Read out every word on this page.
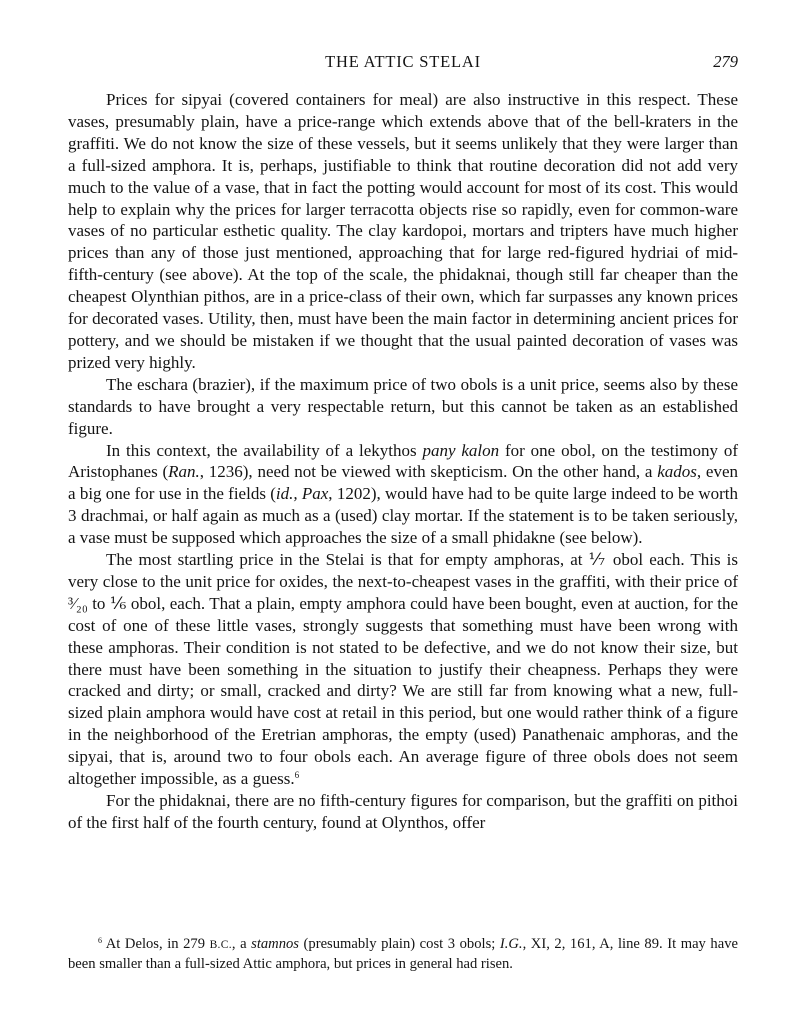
THE ATTIC STELAI	279

Prices for sipyai (covered containers for meal) are also instructive in this respect. These vases, presumably plain, have a price-range which extends above that of the bell-kraters in the graffiti. We do not know the size of these vessels, but it seems unlikely that they were larger than a full-sized amphora. It is, perhaps, justifiable to think that routine decoration did not add very much to the value of a vase, that in fact the potting would account for most of its cost. This would help to explain why the prices for larger terracotta objects rise so rapidly, even for common-ware vases of no particular esthetic quality. The clay kardopoi, mortars and tripters have much higher prices than any of those just mentioned, approaching that for large red-figured hydriai of mid-fifth-century (see above). At the top of the scale, the phidaknai, though still far cheaper than the cheapest Olynthian pithos, are in a price-class of their own, which far surpasses any known prices for decorated vases. Utility, then, must have been the main factor in determining ancient prices for pottery, and we should be mistaken if we thought that the usual painted decoration of vases was prized very highly.

The eschara (brazier), if the maximum price of two obols is a unit price, seems also by these standards to have brought a very respectable return, but this cannot be taken as an established figure.

In this context, the availability of a lekythos pany kalon for one obol, on the testimony of Aristophanes (Ran., 1236), need not be viewed with skepticism. On the other hand, a kados, even a big one for use in the fields (id., Pax, 1202), would have had to be quite large indeed to be worth 3 drachmai, or half again as much as a (used) clay mortar. If the statement is to be taken seriously, a vase must be supposed which approaches the size of a small phidakne (see below).

The most startling price in the Stelai is that for empty amphoras, at ⅐ obol each. This is very close to the unit price for oxides, the next-to-cheapest vases in the graffiti, with their price of ³⁄₂₀ to ⅙ obol, each. That a plain, empty amphora could have been bought, even at auction, for the cost of one of these little vases, strongly suggests that something must have been wrong with these amphoras. Their condition is not stated to be defective, and we do not know their size, but there must have been something in the situation to justify their cheapness. Perhaps they were cracked and dirty; or small, cracked and dirty? We are still far from knowing what a new, full-sized plain amphora would have cost at retail in this period, but one would rather think of a figure in the neighborhood of the Eretrian amphoras, the empty (used) Panathenaic amphoras, and the sipyai, that is, around two to four obols each. An average figure of three obols does not seem altogether impossible, as a guess.$^6$

For the phidaknai, there are no fifth-century figures for comparison, but the graffiti on pithoi of the first half of the fourth century, found at Olynthos, offer

$^6$ At Delos, in 279 B.C., a stamnos (presumably plain) cost 3 obols; I.G., XI, 2, 161, A, line 89. It may have been smaller than a full-sized Attic amphora, but prices in general had risen.
